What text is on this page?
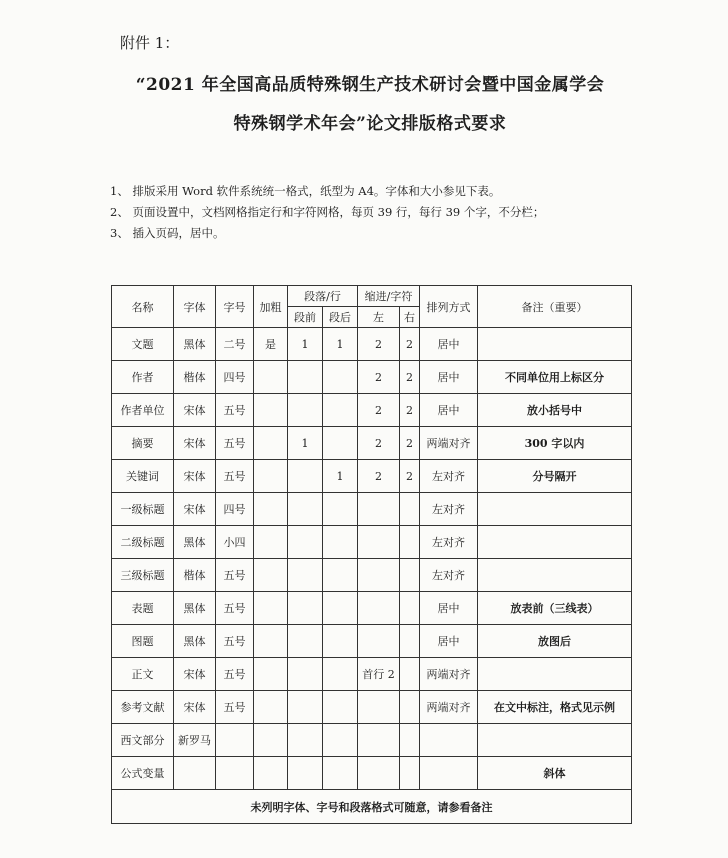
附件 1：
“2021 年全国高品质特殊钢生产技术研讨会暨中国金属学会
特殊钢学术年会”论文排版格式要求
1、 排版采用 Word 软件系统统一格式，纸型为 A4。字体和大小参见下表。
2、 页面设置中，文档网格指定行和字符网格，每页 39 行，每行 39 个字，不分栏；
3、 插入页码，居中。
名称	字体	字号	加粗	段落/行		缩进/字符		排列方式	备注（重要）
				段前	段后	左	右		
文题	黑体	二号	是	1	1	2	2	居中	
作者	楷体	四号				2	2	居中	不同单位用上标区分
作者单位	宋体	五号				2	2	居中	放小括号中
摘要	宋体	五号		1		2	2	两端对齐	300 字以内
关键词	宋体	五号			1	2	2	左对齐	分号隔开
一级标题	宋体	四号						左对齐	
二级标题	黑体	小四						左对齐	
三级标题	楷体	五号						左对齐	
表题	黑体	五号						居中	放表前（三线表）
图题	黑体	五号						居中	放图后
正文	宋体	五号				首行 2		两端对齐	
参考文献	宋体	五号						两端对齐	在文中标注，格式见示例
西文部分	新罗马								
公式变量									斜体
未列明字体、字号和段落格式可随意，请参看备注									
